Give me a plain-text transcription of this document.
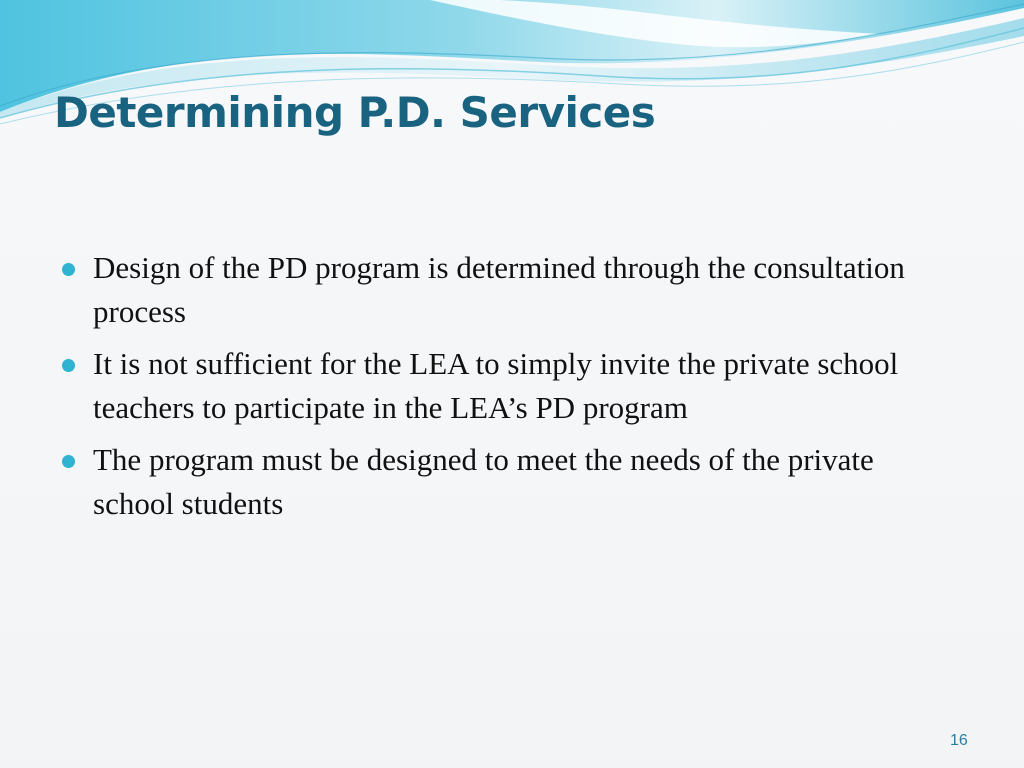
Determining P.D. Services
Design of the PD program is determined through the consultation process
It is not sufficient for the LEA to simply invite the private school teachers to participate in the LEA’s PD program
The program must be designed to meet the needs of the private school students
16
